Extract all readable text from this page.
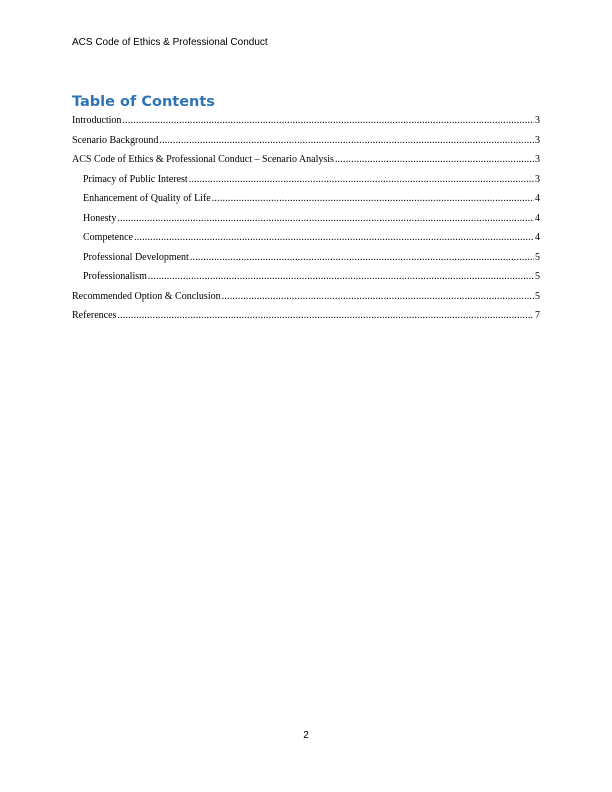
ACS Code of Ethics & Professional Conduct
Table of Contents
Introduction .....	3
Scenario Background .....	3
ACS Code of Ethics & Professional Conduct – Scenario Analysis .....	3
Primacy of Public Interest .....	3
Enhancement of Quality of Life .....	4
Honesty .....	4
Competence .....	4
Professional Development .....	5
Professionalism .....	5
Recommended Option & Conclusion .....	5
References .....	7
2
